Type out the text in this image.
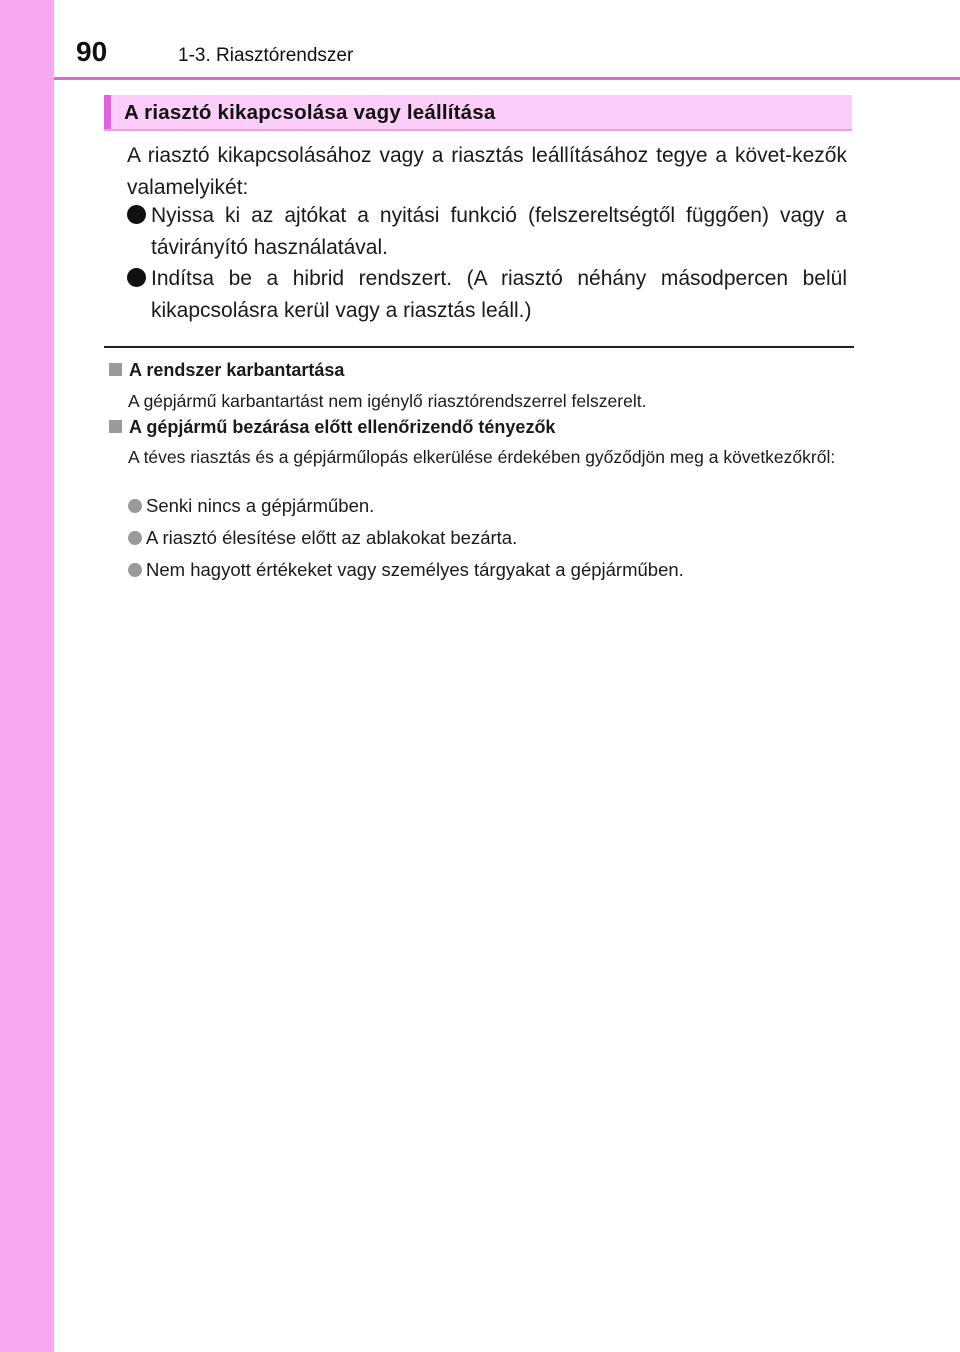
90	1-3. Riasztórendszer
A riasztó kikapcsolása vagy leállítása
A riasztó kikapcsolásához vagy a riasztás leállításához tegye a követ-kezők valamelyikét:
Nyissa ki az ajtókat a nyitási funkció (felszereltségtől függően) vagy a távirányító használatával.
Indítsa be a hibrid rendszert. (A riasztó néhány másodpercen belül kikapcsolásra kerül vagy a riasztás leáll.)
A rendszer karbantartása
A gépjármű karbantartást nem igénylő riasztórendszerrel felszerelt.
A gépjármű bezárása előtt ellenőrizendő tényezők
A téves riasztás és a gépjárműlopás elkerülése érdekében győződjön meg a következőkről:
Senki nincs a gépjárműben.
A riasztó élesítése előtt az ablakokat bezárta.
Nem hagyott értékeket vagy személyes tárgyakat a gépjárműben.
